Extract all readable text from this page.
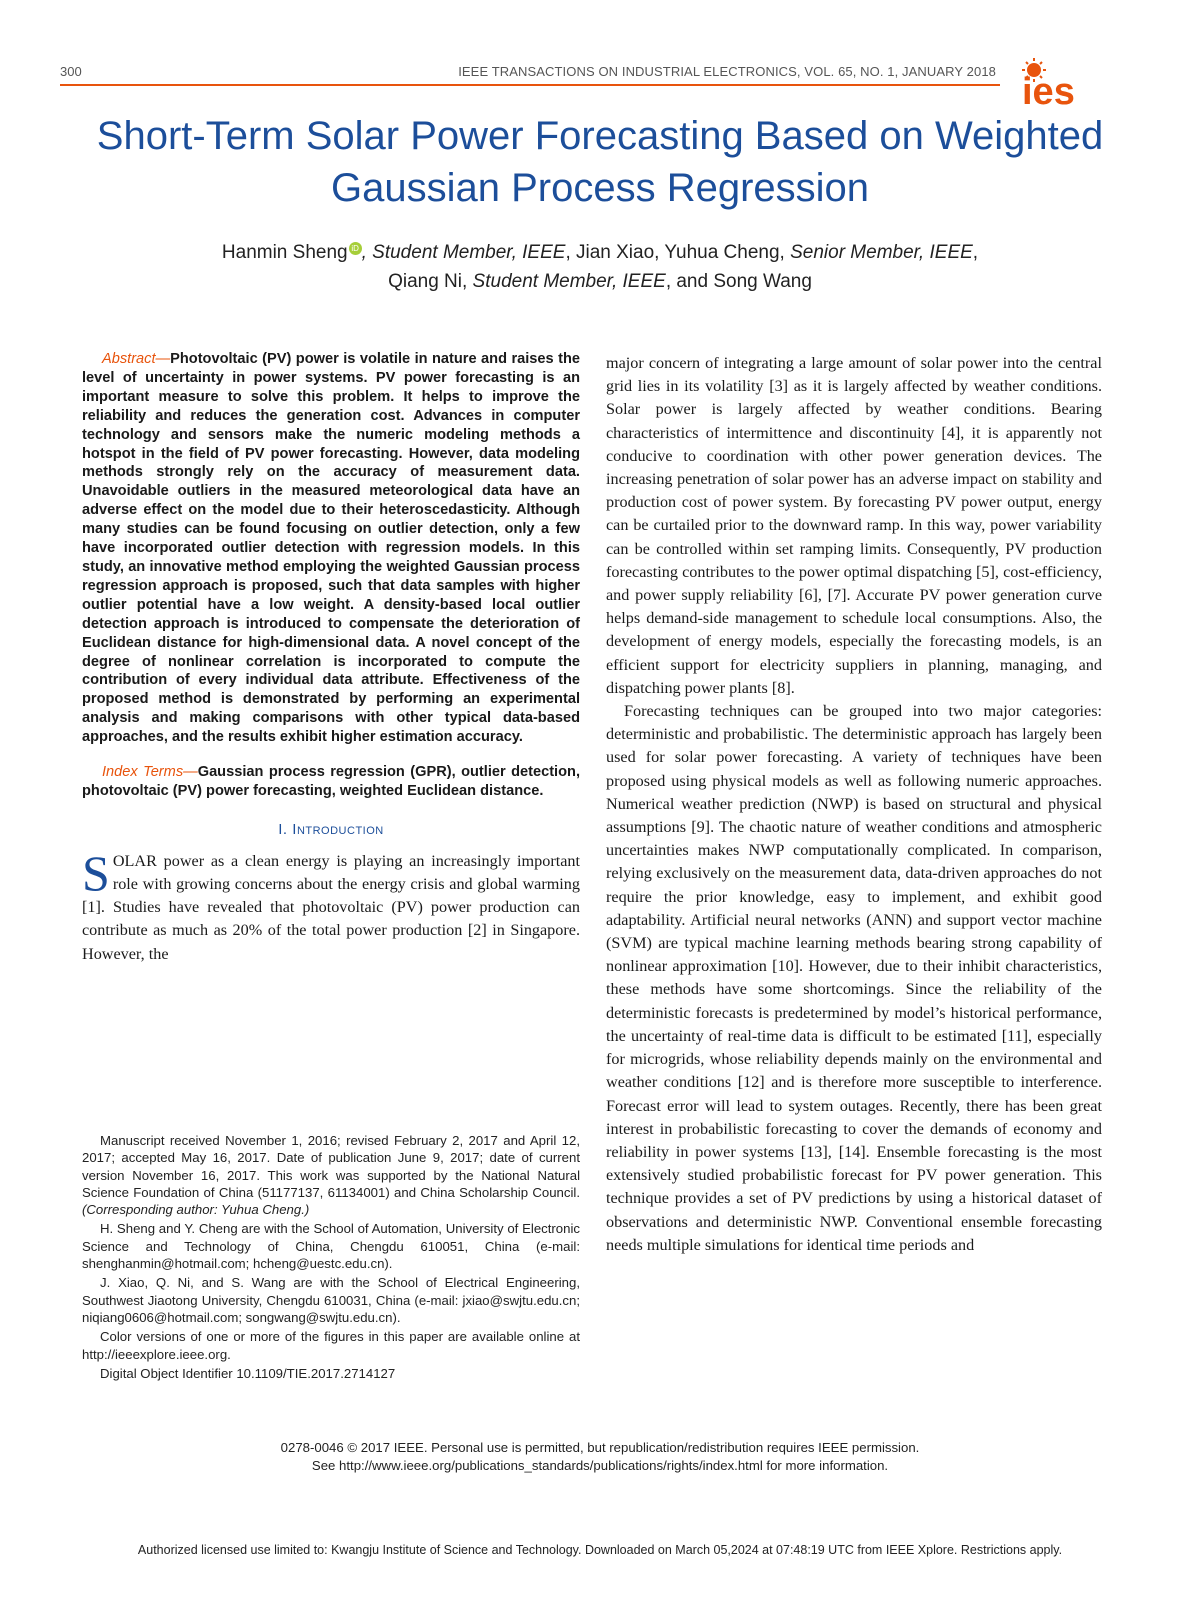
300	IEEE TRANSACTIONS ON INDUSTRIAL ELECTRONICS, VOL. 65, NO. 1, JANUARY 2018 ies
Short-Term Solar Power Forecasting Based on Weighted Gaussian Process Regression
Hanmin Sheng iD , Student Member, IEEE, Jian Xiao, Yuhua Cheng, Senior Member, IEEE,
Qiang Ni, Student Member, IEEE, and Song Wang

Abstract—Photovoltaic (PV) power is volatile in nature and raises the level of uncertainty in power systems. PV power forecasting is an important measure to solve this problem. It helps to improve the reliability and reduces the generation cost. Advances in computer technology and sensors make the numeric modeling methods a hotspot in the field of PV power forecasting. However, data modeling methods strongly rely on the accuracy of measurement data. Unavoidable outliers in the measured meteorological data have an adverse effect on the model due to their heteroscedasticity. Although many studies can be found focusing on outlier detection, only a few have incorporated outlier detection with regression models. In this study, an innovative method employing the weighted Gaussian process regression approach is proposed, such that data samples with higher outlier potential have a low weight. A density-based local outlier detection approach is introduced to compensate the deterioration of Euclidean distance for high-dimensional data. A novel concept of the degree of nonlinear correlation is incorporated to compute the contribution of every individual data attribute. Effectiveness of the proposed method is demonstrated by performing an experimental analysis and making comparisons with other typical data-based approaches, and the results exhibit higher estimation accuracy.

Index Terms—Gaussian process regression (GPR), outlier detection, photovoltaic (PV) power forecasting, weighted Euclidean distance.

I. Introduction

SOLAR power as a clean energy is playing an increasingly important role with growing concerns about the energy crisis and global warming [1]. Studies have revealed that photovoltaic (PV) power production can contribute as much as 20% of the total power production [2] in Singapore. However, the

Manuscript received November 1, 2016; revised February 2, 2017 and April 12, 2017; accepted May 16, 2017. Date of publication June 9, 2017; date of current version November 16, 2017. This work was supported by the National Natural Science Foundation of China (51177137, 61134001) and China Scholarship Council. (Corresponding author: Yuhua Cheng.)

H. Sheng and Y. Cheng are with the School of Automation, University of Electronic Science and Technology of China, Chengdu 610051, China (e-mail: shenghanmin@hotmail.com; hcheng@uestc.edu.cn).

J. Xiao, Q. Ni, and S. Wang are with the School of Electrical Engineering, Southwest Jiaotong University, Chengdu 610031, China (e-mail: jxiao@swjtu.edu.cn; niqiang0606@hotmail.com; songwang@swjtu.edu.cn).

Color versions of one or more of the figures in this paper are available online at http://ieeexplore.ieee.org.

Digital Object Identifier 10.1109/TIE.2017.2714127

major concern of integrating a large amount of solar power into the central grid lies in its volatility [3] as it is largely affected by weather conditions. Solar power is largely affected by weather conditions. Bearing characteristics of intermittence and discontinuity [4], it is apparently not conducive to coordination with other power generation devices. The increasing penetration of solar power has an adverse impact on stability and production cost of power system. By forecasting PV power output, energy can be curtailed prior to the downward ramp. In this way, power variability can be controlled within set ramping limits. Consequently, PV production forecasting contributes to the power optimal dispatching [5], cost-efficiency, and power supply reliability [6], [7]. Accurate PV power generation curve helps demand-side management to schedule local consumptions. Also, the development of energy models, especially the forecasting models, is an efficient support for electricity suppliers in planning, managing, and dispatching power plants [8].

Forecasting techniques can be grouped into two major categories: deterministic and probabilistic. The deterministic approach has largely been used for solar power forecasting. A variety of techniques have been proposed using physical models as well as following numeric approaches. Numerical weather prediction (NWP) is based on structural and physical assumptions [9]. The chaotic nature of weather conditions and atmospheric uncertainties makes NWP computationally complicated. In comparison, relying exclusively on the measurement data, data-driven approaches do not require the prior knowledge, easy to implement, and exhibit good adaptability. Artificial neural networks (ANN) and support vector machine (SVM) are typical machine learning methods bearing strong capability of nonlinear approximation [10]. However, due to their inhibit characteristics, these methods have some shortcomings. Since the reliability of the deterministic forecasts is predetermined by model’s historical performance, the uncertainty of real-time data is difficult to be estimated [11], especially for microgrids, whose reliability depends mainly on the environmental and weather conditions [12] and is therefore more susceptible to interference. Forecast error will lead to system outages. Recently, there has been great interest in probabilistic forecasting to cover the demands of economy and reliability in power systems [13], [14]. Ensemble forecasting is the most extensively studied probabilistic forecast for PV power generation. This technique provides a set of PV predictions by using a historical dataset of observations and deterministic NWP. Conventional ensemble forecasting needs multiple simulations for identical time periods and

0278-0046 © 2017 IEEE. Personal use is permitted, but republication/redistribution requires IEEE permission.
See http://www.ieee.org/publications_standards/publications/rights/index.html for more information.
Authorized licensed use limited to: Kwangju Institute of Science and Technology. Downloaded on March 05,2024 at 07:48:19 UTC from IEEE Xplore. Restrictions apply.
